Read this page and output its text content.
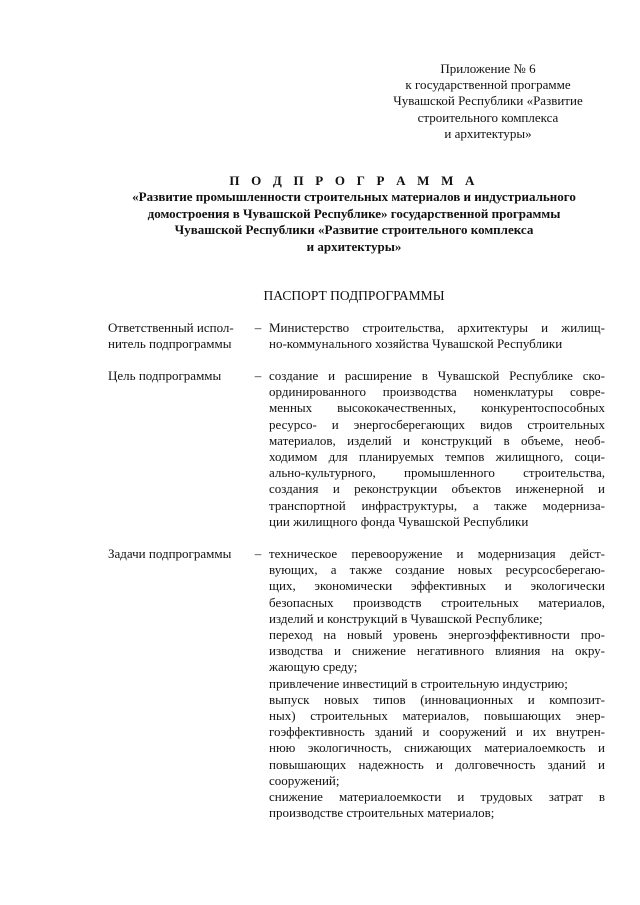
Приложение № 6
к государственной программе
Чувашской Республики «Развитие
строительного комплекса
и архитектуры»
П О Д П Р О Г Р А М М А
«Развитие промышленности строительных материалов и индустриального
домостроения в Чувашской Республике» государственной программы
Чувашской Республики «Развитие строительного комплекса
и архитектуры»
ПАСПОРТ ПОДПРОГРАММЫ
Ответственный испол-
нитель подпрограммы
– Министерство строительства, архитектуры и жилищ-
но-коммунального хозяйства Чувашской Республики
Цель подпрограммы	– создание и расширение в Чувашской Республике ско-
ординированного производства номенклатуры совре-
менных высококачественных, конкурентоспособных
ресурсо- и энергосберегающих видов строительных
материалов, изделий и конструкций в объеме, необ-
ходимом для планируемых темпов жилищного, соци-
ально-культурного, промышленного строительства,
создания и реконструкции объектов инженерной и
транспортной инфраструктуры, а также модерниза-
ции жилищного фонда Чувашской Республики
Задачи подпрограммы	– техническое перевооружение и модернизация дейст-
вующих, а также создание новых ресурсосберегаю-
щих, экономически эффективных и экологически
безопасных производств строительных материалов,
изделий и конструкций в Чувашской Республике;
переход на новый уровень энергоэффективности про-
изводства и снижение негативного влияния на окру-
жающую среду;
привлечение инвестиций в строительную индустрию;
выпуск новых типов (инновационных и композит-
ных) строительных материалов, повышающих энер-
гоэффективность зданий и сооружений и их внутрен-
нюю экологичность, снижающих материалоемкость и
повышающих надежность и долговечность зданий и
сооружений;
снижение материалоемкости и трудовых затрат в
производстве строительных материалов;
